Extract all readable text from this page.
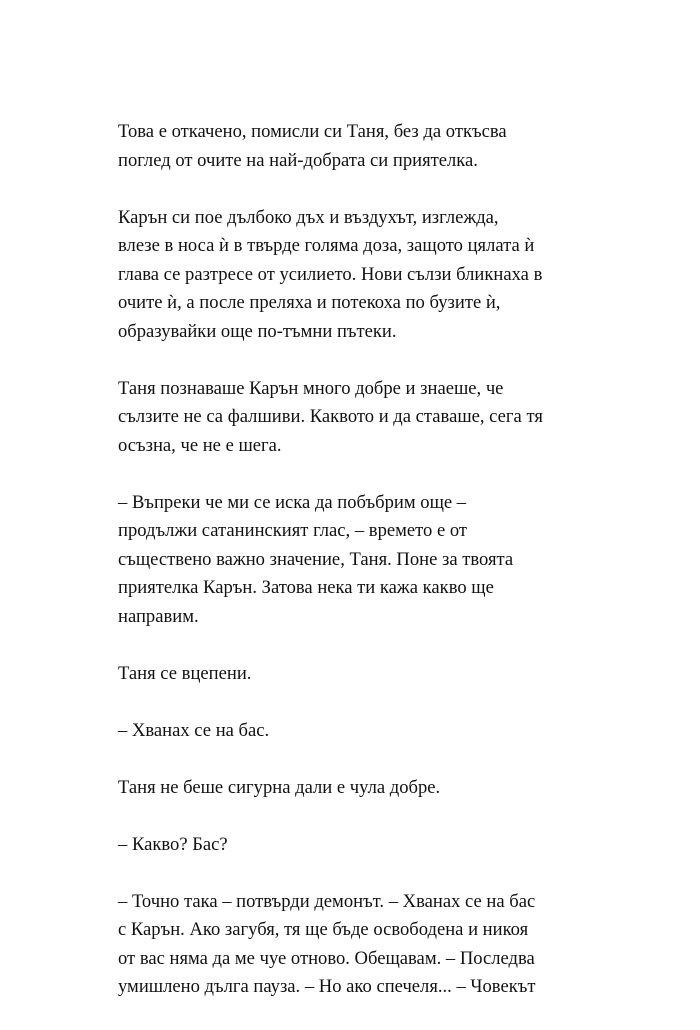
Това е откачено, помисли си Таня, без да откъсва
поглед от очите на най-добрата си приятелка.

Карън си пое дълбоко дъх и въздухът, изглежда,
влезе в носа ѝ в твърде голяма доза, защото цялата ѝ
глава се разтресе от усилието. Нови сълзи бликнаха в
очите ѝ, а после преляха и потекоха по бузите ѝ,
образувайки още по-тъмни пътеки.

Таня познаваше Карън много добре и знаеше, че
сълзите не са фалшиви. Каквото и да ставаше, сега тя
осъзна, че не е шега.

– Въпреки че ми се иска да побъбрим още –
продължи сатанинският глас, – времето е от
съществено важно значение, Таня. Поне за твоята
приятелка Карън. Затова нека ти кажа какво ще
направим.

Таня се вцепени.

– Хванах се на бас.

Таня не беше сигурна дали е чула добре.

– Какво? Бас?

– Точно така – потвърди демонът. – Хванах се на бас
с Карън. Ако загубя, тя ще бъде освободена и никоя
от вас няма да ме чуе отново. Обещавам. – Последва
умишлено дълга пауза. – Но ако спечеля... – Човекът
